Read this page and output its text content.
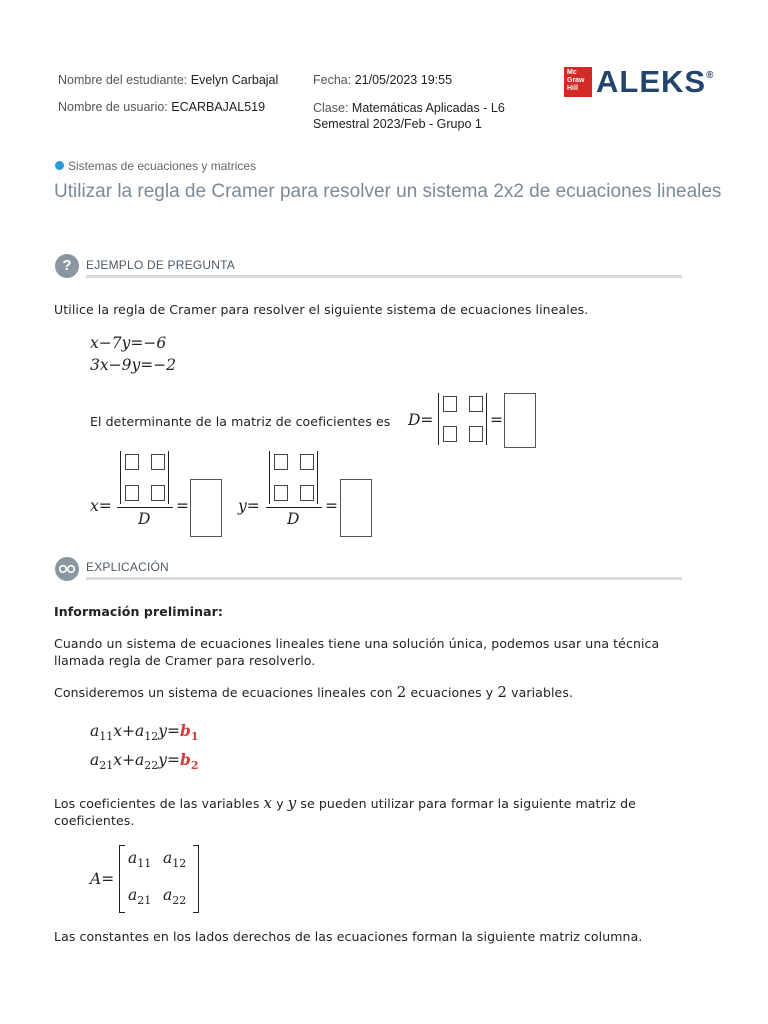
Nombre del estudiante: Evelyn Carbajal
Nombre de usuario: ECARBAJAL519
Fecha: 21/05/2023 19:55
Clase: Matemáticas Aplicadas - L6
Semestral 2023/Feb - Grupo 1
Mc Graw Hill ALEKS®
Sistemas de ecuaciones y matrices
Utilizar la regla de Cramer para resolver un sistema 2x2 de ecuaciones lineales
?	EJEMPLO DE PREGUNTA
Utilice la regla de Cramer para resolver el siguiente sistema de ecuaciones lineales.
x−7y=−6
3x−9y=−2
El determinante de la matriz de coeficientes es D=	=
x=
D
=	y=
D
=
EXPLICACIÓN
Información preliminar:
Cuando un sistema de ecuaciones lineales tiene una solución única, podemos usar una técnica llamada regla de Cramer para resolverlo.
Consideremos un sistema de ecuaciones lineales con 2 ecuaciones y 2 variables.
$a_{11}x+a_{12}y=b_1$
$a_{21}x+a_{22}y=b_2$
Los coeficientes de las variables x y y se pueden utilizar para formar la siguiente matriz de coeficientes.
A=
$a_{11}$ $a_{12}$
$a_{21}$ $a_{22}$
Las constantes en los lados derechos de las ecuaciones forman la siguiente matriz columna.
